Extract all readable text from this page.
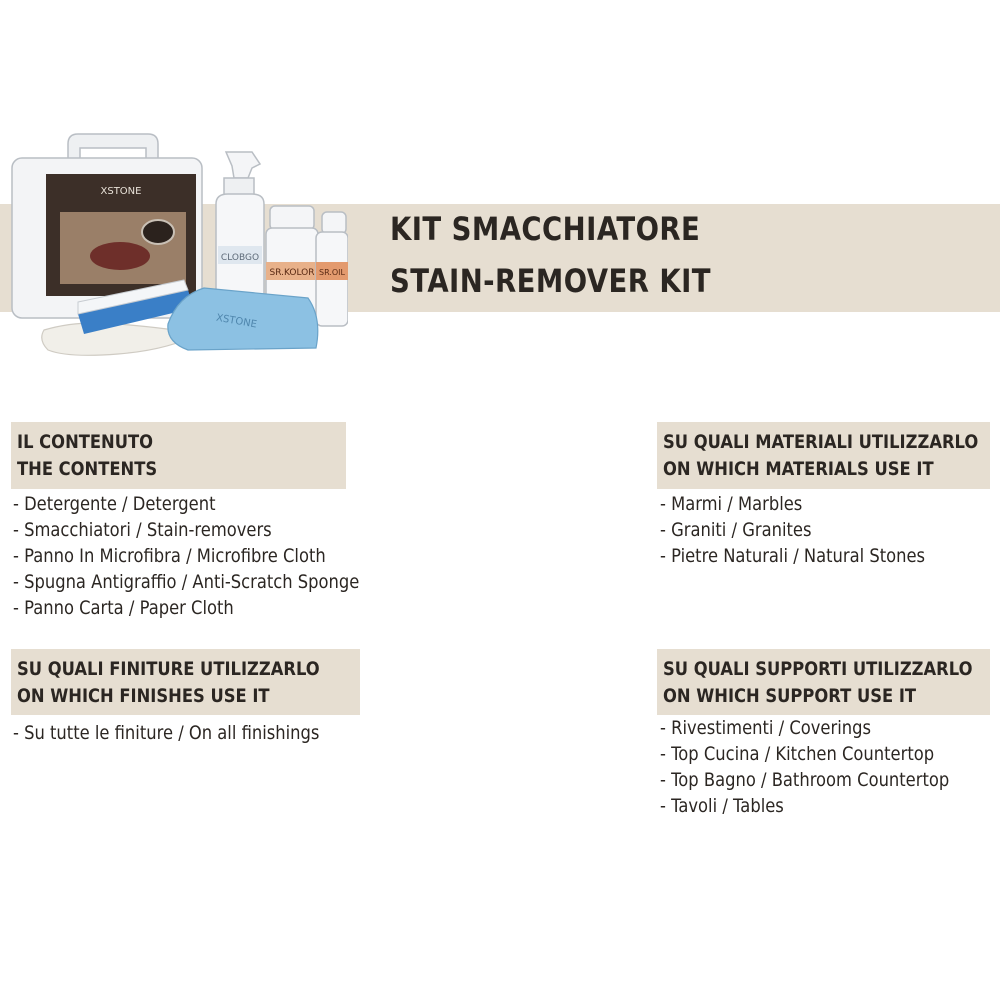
XSTONE
CLOBGO
SR.KOLOR SR.OIL
XSTONE
KIT SMACCHIATORE
STAIN-REMOVER KIT
IL CONTENUTO
THE CONTENTS
- Detergente / Detergent
- Smacchiatori / Stain-removers
- Panno In Microfibra / Microfibre Cloth
- Spugna Antigraffio / Anti-Scratch Sponge
- Panno Carta / Paper Cloth
SU QUALI MATERIALI UTILIZZARLO
ON WHICH MATERIALS USE IT
- Marmi / Marbles
- Graniti / Granites
- Pietre Naturali / Natural Stones
SU QUALI FINITURE UTILIZZARLO
ON WHICH FINISHES USE IT
- Su tutte le finiture / On all finishings
SU QUALI SUPPORTI UTILIZZARLO
ON WHICH SUPPORT USE IT
- Rivestimenti / Coverings
- Top Cucina / Kitchen Countertop
- Top Bagno / Bathroom Countertop
- Tavoli / Tables
